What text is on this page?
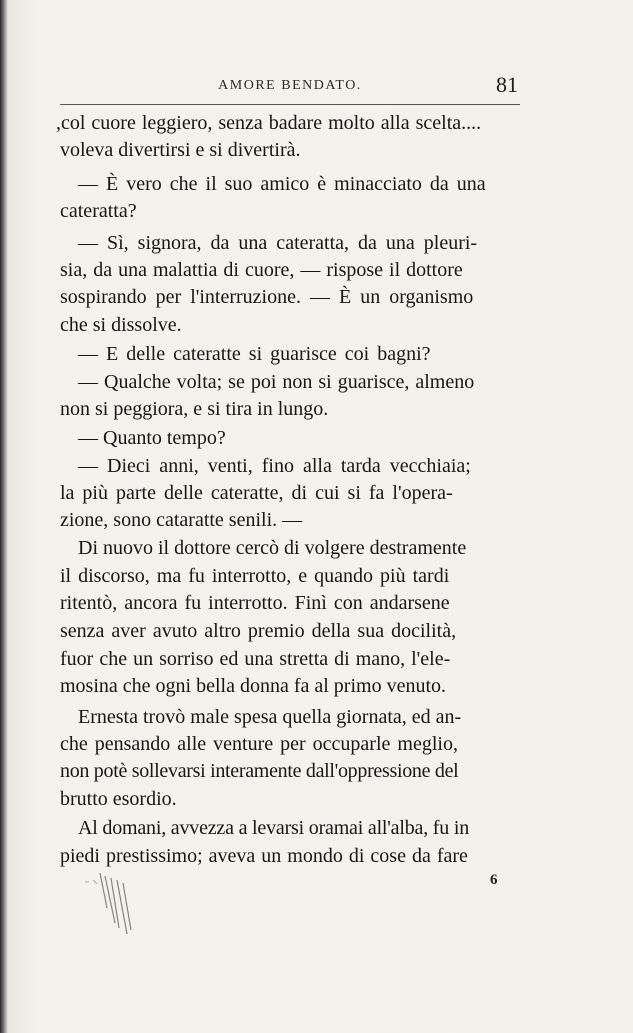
AMORE BENDATO.	81
,col cuore leggiero, senza badare molto alla scelta....
voleva divertirsi e si divertirà.
— È vero che il suo amico è minacciato da una
cateratta?
— Sì, signora, da una cateratta, da una pleuri-
sia, da una malattia di cuore, — rispose il dottore
sospirando per l'interruzione. — È un organismo
che si dissolve.
— E delle cateratte si guarisce coi bagni?
— Qualche volta; se poi non si guarisce, almeno
non si peggiora, e si tira in lungo.
— Quanto tempo?
— Dieci anni, venti, fino alla tarda vecchiaia;
la più parte delle cateratte, di cui si fa l'opera-
zione, sono cataratte senili. —
Di nuovo il dottore cercò di volgere destramente
il discorso, ma fu interrotto, e quando più tardi
ritentò, ancora fu interrotto. Finì con andarsene
senza aver avuto altro premio della sua docilità,
fuor che un sorriso ed una stretta di mano, l'ele-
mosina che ogni bella donna fa al primo venuto.
Ernesta trovò male spesa quella giornata, ed an-
che pensando alle venture per occuparle meglio,
non potè sollevarsi interamente dall'oppressione del
brutto esordio.
Al domani, avvezza a levarsi oramai all'alba, fu in
piedi prestissimo; aveva un mondo di cose da fare
6
